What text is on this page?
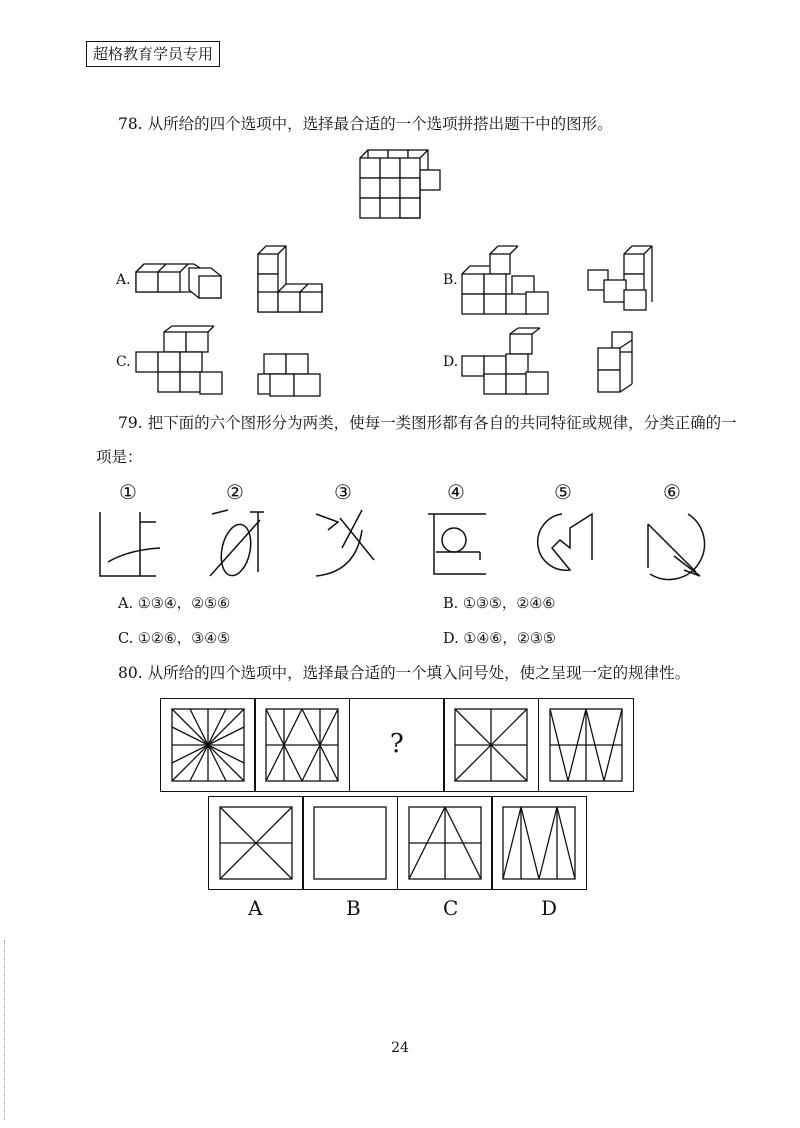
超格教育学员专用
78. 从所给的四个选项中，选择最合适的一个选项拼搭出题干中的图形。
A.	B.
C.	D.
79. 把下面的六个图形分为两类，使每一类图形都有各自的共同特征或规律，分类正确的一
项是：
①	②	③	④	⑤	⑥
A. ①③④，②⑤⑥	B. ①③⑤，②④⑥
C. ①②⑥，③④⑤	D. ①④⑥，②③⑤
80. 从所给的四个选项中，选择最合适的一个填入问号处，使之呈现一定的规律性。
?
A	B	C	D
24
